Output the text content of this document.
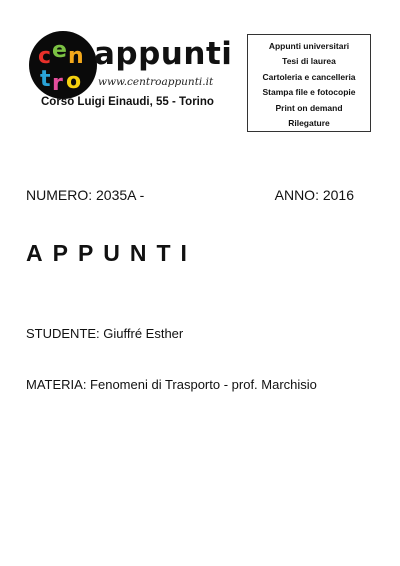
c e n
t r o
appunti
www.centroappunti.it
Corso Luigi Einaudi, 55 - Torino
Appunti universitari
Tesi di laurea
Cartoleria e cancelleria
Stampa file e fotocopie
Print on demand
Rilegature
NUMERO: 2035A -	ANNO: 2016
APPUNTI
STUDENTE: Giuffré Esther
MATERIA: Fenomeni di Trasporto - prof. Marchisio
